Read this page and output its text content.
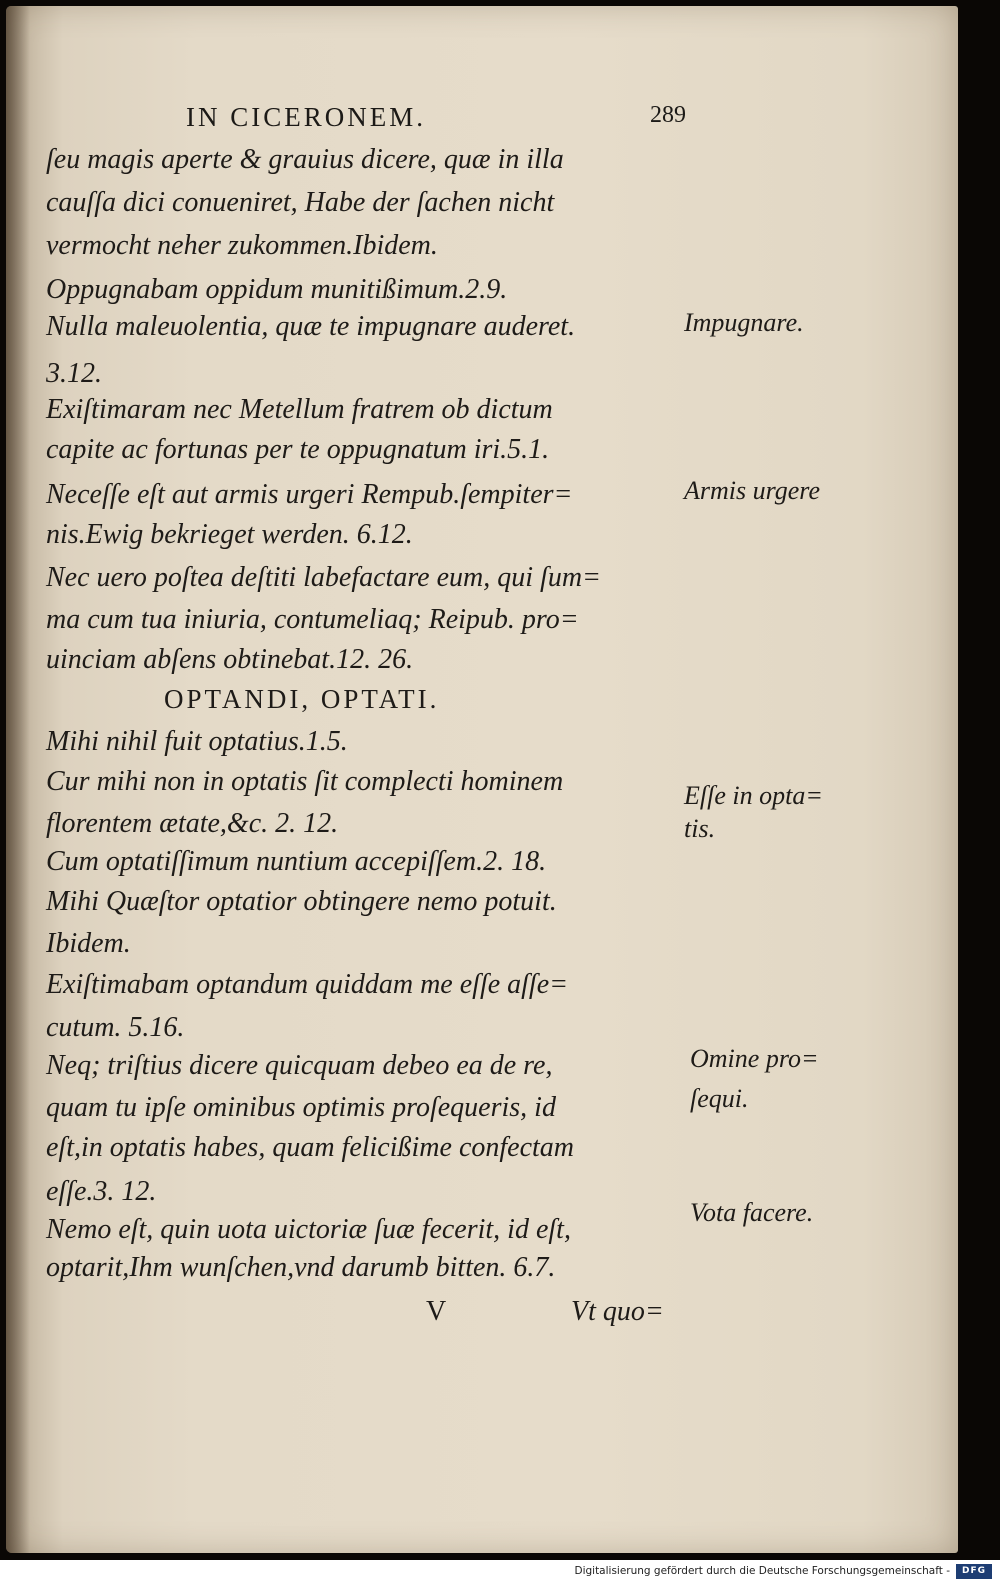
IN CICERONEM.	289
ſeu magis aperte & grauius dicere, quæ in illa
cauſſa dici conueniret, Habe der ſachen nicht
vermocht neher zukommen.Ibidem.
Oppugnabam oppidum munitißimum.2.9.
Nulla maleuolentia, quæ te impugnare auderet.
3.12.
Exiſtimaram nec Metellum fratrem ob dictum
capite ac fortunas per te oppugnatum iri.5.1.
Neceſſe eſt aut armis urgeri Rempub.ſempiter=
nis.Ewig bekrieget werden. 6.12.
Nec uero poſtea deſtiti labefactare eum, qui ſum=
ma cum tua iniuria, contumeliaq; Reipub. pro=
uinciam abſens obtinebat.12. 26.
OPTANDI, OPTATI.
Mihi nihil fuit optatius.1.5.
Cur mihi non in optatis ſit complecti hominem
florentem ætate,&c. 2. 12.
Cum optatiſſimum nuntium accepiſſem.2. 18.
Mihi Quæſtor optatior obtingere nemo potuit.
Ibidem.
Exiſtimabam optandum quiddam me eſſe aſſe=
cutum. 5.16.
Neq; triſtius dicere quicquam debeo ea de re,
quam tu ipſe ominibus optimis proſequeris, id
eſt,in optatis habes, quam felicißime confectam
eſſe.3. 12.
Nemo eſt, quin uota uictoriæ ſuæ fecerit, id eſt,
optarit,Ihm wunſchen,vnd darumb bitten. 6.7.
Impugnare.
Armis urgere
Eſſe in opta=
tis.
Omine pro=
ſequi.
Vota facere.
V	Vt quo=
Digitalisierung gefördert durch die Deutsche Forschungsgemeinschaft -	DFG
